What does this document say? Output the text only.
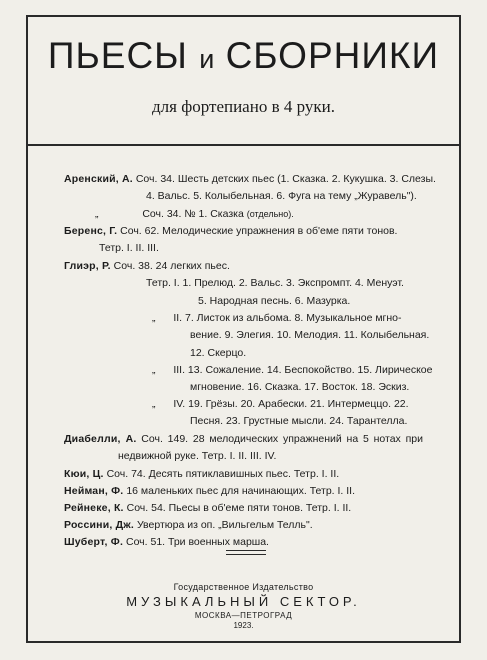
ПЬЕСЫ и СБОРНИКИ
для фортепиано в 4 руки.
Аренский, А. Соч. 34. Шесть детских пьес (1. Сказка. 2. Кукушка. 3. Слезы.
4. Вальс. 5. Колыбельная. 6. Фуга на тему „Журавель").
„	Соч. 34. № 1. Сказка (отдельно).
Беренс, Г. Соч. 62. Мелодические упражнения в об'еме пяти тонов.
Тетр. I. II. III.
Глиэр, Р. Соч. 38. 24 легких пьес.
Тетр. I. 1. Прелюд. 2. Вальс. 3. Экспромпт. 4. Менуэт.
5. Народная песнь. 6. Мазурка.
„ II. 7. Листок из альбома. 8. Музыкальное мгно-
вение. 9. Элегия. 10. Мелодия. 11. Колыбельная.
12. Скерцо.
„ III. 13. Сожаление. 14. Беспокойство. 15. Лирическое
мгновение. 16. Сказка. 17. Восток. 18. Эскиз.
„ IV. 19. Грёзы. 20. Арабески. 21. Интермеццо. 22.
Песня. 23. Грустные мысли. 24. Тарантелла.
Диабелли, А. Соч. 149. 28 мелодических упражнений на 5 нотах при
недвижной руке. Тетр. I. II. III. IV.
Кюи, Ц. Соч. 74. Десять пятиклавишных пьес. Тетр. I. II.
Нейман, Ф. 16 маленьких пьес для начинающих. Тетр. I. II.
Рейнеке, К. Соч. 54. Пьесы в об'еме пяти тонов. Тетр. I. II.
Россини, Дж. Увертюра из оп. „Вильгельм Телль".
Шуберт, Ф. Соч. 51. Три военных марша.
Государственное Издательство
МУЗЫКАЛЬНЫЙ СЕКТОР.
МОСКВА—ПЕТРОГРАД
1923.
